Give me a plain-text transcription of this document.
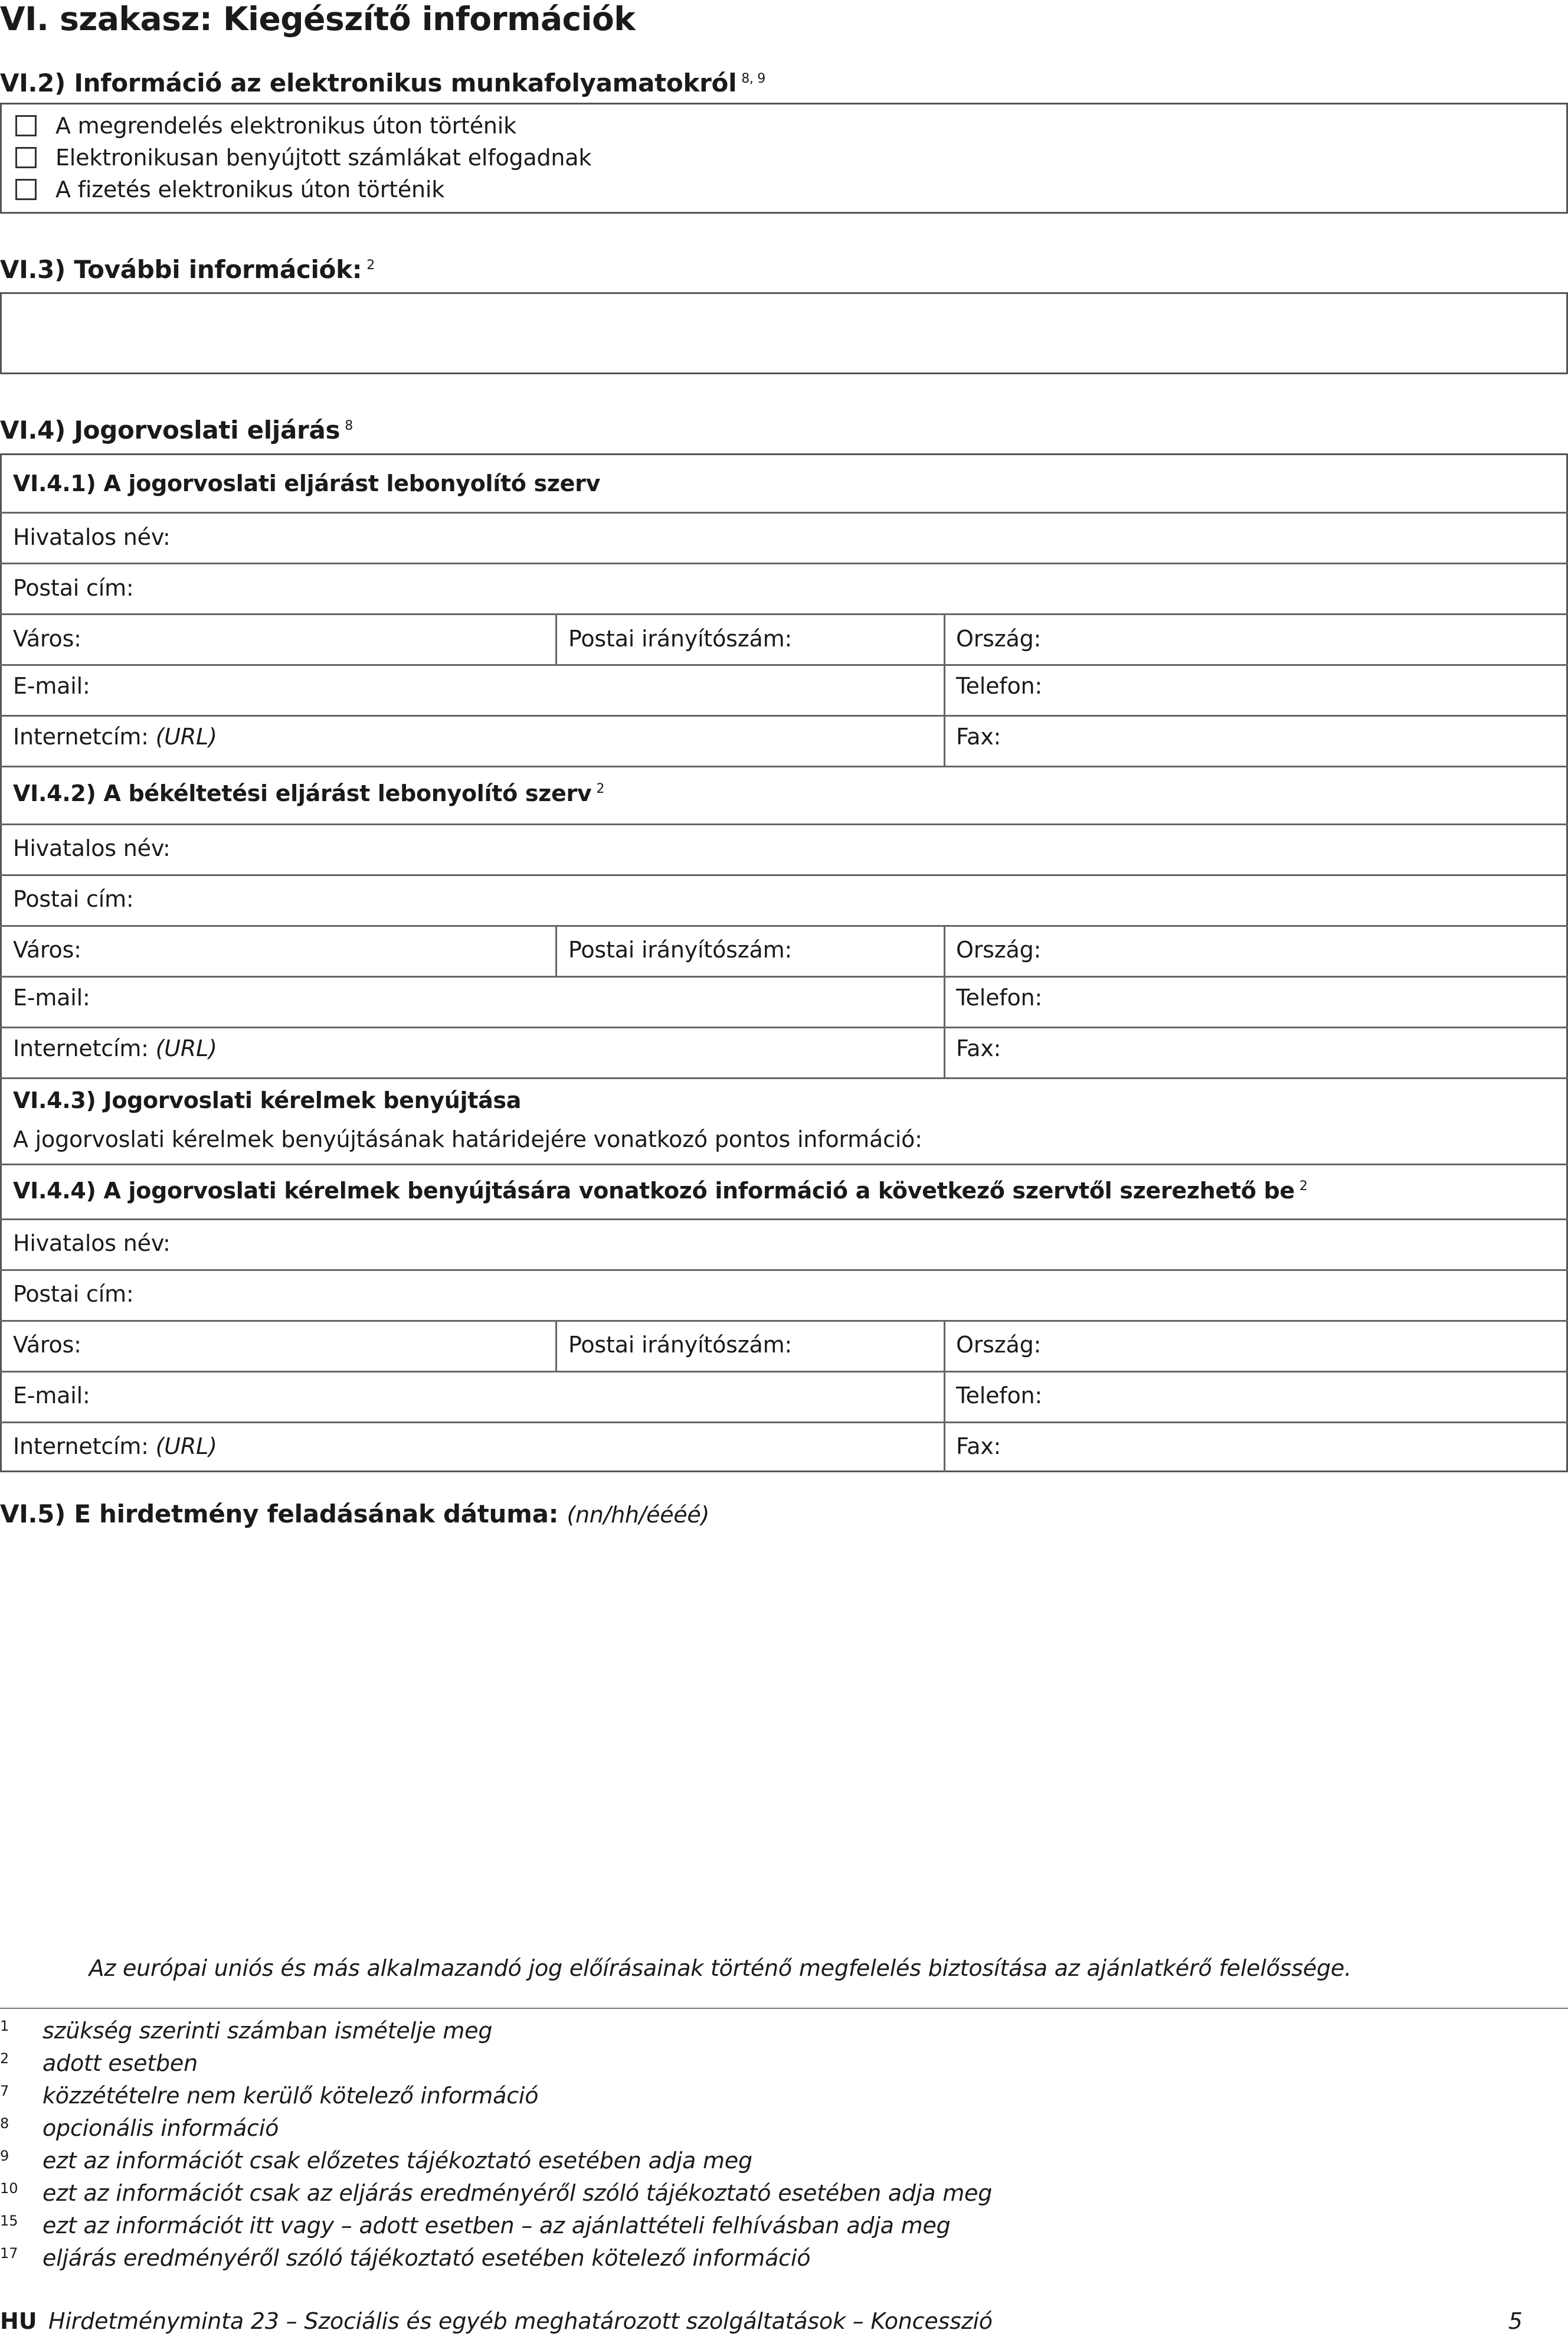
VI. szakasz: Kiegészítő információk
VI.2) Információ az elektronikus munkafolyamatokról $^{8, 9}$
A megrendelés elektronikus úton történik
Elektronikusan benyújtott számlákat elfogadnak
A fizetés elektronikus úton történik
VI.3) További információk: $^2$
VI.4) Jogorvoslati eljárás $^8$
VI.4.1) A jogorvoslati eljárást lebonyolító szerv
Hivatalos név:
Postai cím:
Város:	Postai irányítószám:	Ország:
E-mail:	Telefon:
Internetcím: (URL)	Fax:
VI.4.2) A békéltetési eljárást lebonyolító szerv $^2$
Hivatalos név:
Postai cím:
Város:	Postai irányítószám:	Ország:
E-mail:	Telefon:
Internetcím: (URL)	Fax:
VI.4.3) Jogorvoslati kérelmek benyújtása
A jogorvoslati kérelmek benyújtásának határidejére vonatkozó pontos információ:
VI.4.4) A jogorvoslati kérelmek benyújtására vonatkozó információ a következő szervtől szerezhető be $^2$
Hivatalos név:
Postai cím:
Város:	Postai irányítószám:	Ország:
E-mail:	Telefon:
Internetcím: (URL)	Fax:
VI.5) E hirdetmény feladásának dátuma: (nn/hh/éééé)
Az európai uniós és más alkalmazandó jog előírásainak történő megfelelés biztosítása az ajánlatkérő felelőssége.
1 szükség szerinti számban ismételje meg
2 adott esetben
7 közzétételre nem kerülő kötelező információ
8 opcionális információ
9 ezt az információt csak előzetes tájékoztató esetében adja meg
10 ezt az információt csak az eljárás eredményéről szóló tájékoztató esetében adja meg
15 ezt az információt itt vagy – adott esetben – az ajánlattételi felhívásban adja meg
17 eljárás eredményéről szóló tájékoztató esetében kötelező információ
HU Hirdetményminta 23 – Szociális és egyéb meghatározott szolgáltatások – Koncesszió	5
